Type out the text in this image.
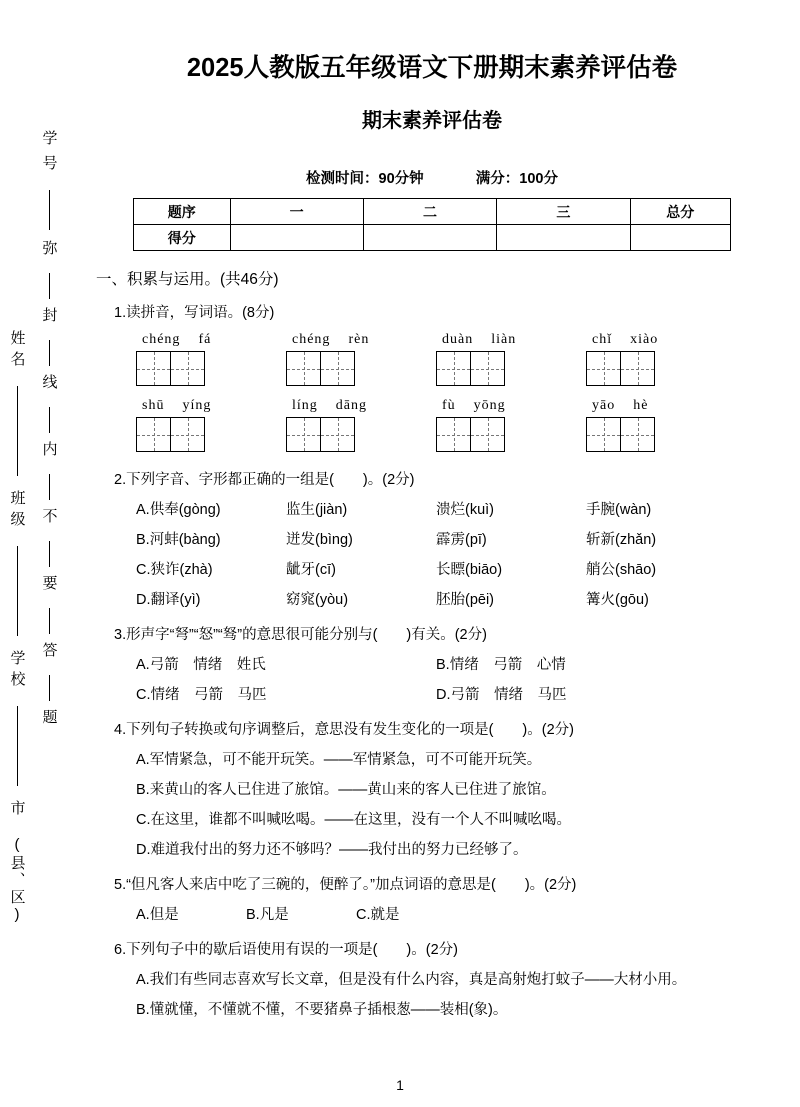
学号
弥
封
线
内
不
要
答
题
姓名
班级
学校
市 (县、区)
2025人教版五年级语文下册期末素养评估卷
期末素养评估卷
检测时间：90分钟	满分：100分
题序	一	二	三	总分
得分				
一、积累与运用。(共46分)
1.读拼音，写词语。(8分)
chéng fá	chéng rèn	duàn liàn	chǐ xiào
shū yíng	líng dāng	fù yōng	yāo hè
2.下列字音、字形都正确的一组是(　　)。(2分)
A.供奉(gòng)	监生(jiàn)	溃烂(kuì)	手腕(wàn)
B.河蚌(bàng)	迸发(bìng)	霹雳(pī)	斩新(zhǎn)
C.狭诈(zhà)	龇牙(cī)	长瞟(biāo)	艄公(shāo)
D.翻译(yì)	窈窕(yòu)	胚胎(pēi)	篝火(gōu)
3.形声字“弩”“怒”“驽”的意思很可能分别与(　　)有关。(2分)
A.弓箭　情绪　姓氏	B.情绪　弓箭　心情
C.情绪　弓箭　马匹	D.弓箭　情绪　马匹
4.下列句子转换或句序调整后，意思没有发生变化的一项是(　　)。(2分)
A.军情紧急，可不能开玩笑。——军情紧急，可不可能开玩笑。
B.来黄山的客人已住进了旅馆。——黄山来的客人已住进了旅馆。
C.在这里，谁都不叫喊吆喝。——在这里，没有一个人不叫喊吆喝。
D.难道我付出的努力还不够吗？——我付出的努力已经够了。
5.“但凡客人来店中吃了三碗的，便醉了。”加点词语的意思是(　　)。(2分)
A.但是	B.凡是	C.就是
6.下列句子中的歇后语使用有误的一项是(　　)。(2分)
A.我们有些同志喜欢写长文章，但是没有什么内容，真是高射炮打蚊子——大材小用。
B.懂就懂，不懂就不懂，不要猪鼻子插根葱——装相(象)。
1
